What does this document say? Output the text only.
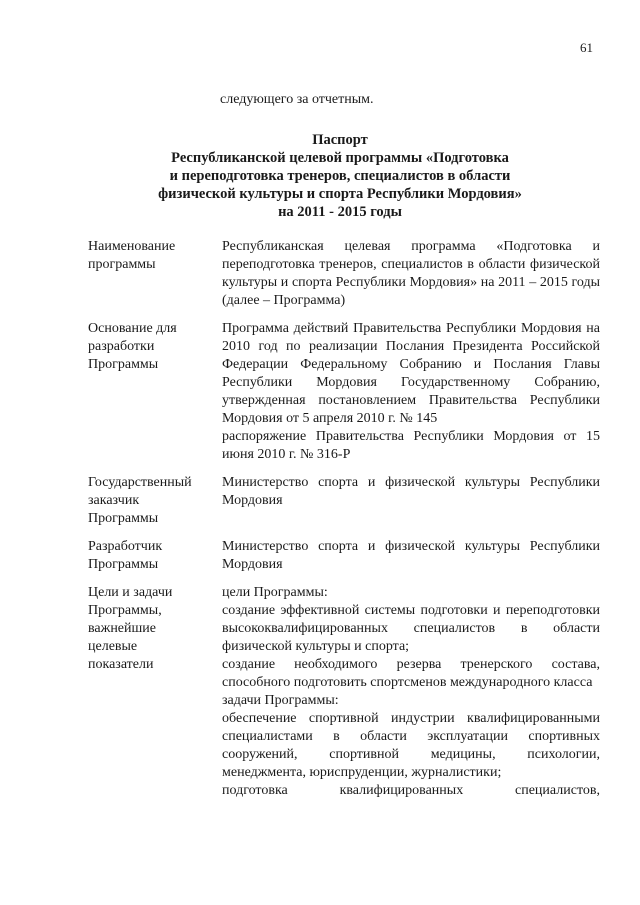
61
следующего за отчетным.
Паспорт
Республиканской целевой программы «Подготовка
и переподготовка тренеров, специалистов в области
физической культуры и спорта Республики Мордовия»
на 2011 - 2015 годы
Наименование
программы

Республиканская целевая программа «Подготовка и переподготовка тренеров, специалистов в области физической культуры и спорта Республики Мордовия» на 2011 – 2015 годы (далее – Программа)

Основание для
разработки
Программы

Программа действий Правительства Республики Мордовия на 2010 год по реализации Послания Президента Российской Федерации Федеральному Собранию и Послания Главы Республики Мордовия Государственному Собранию, утвержденная постановлением Правительства Республики Мордовия от 5 апреля 2010 г. № 145

распоряжение Правительства Республики Мордовия от 15 июня 2010 г. № 316-Р

Государственный
заказчик
Программы

Министерство спорта и физической культуры Республики Мордовия

Разработчик
Программы

Министерство спорта и физической культуры Республики Мордовия

Цели и задачи
Программы,
важнейшие
целевые
показатели

цели Программы:

создание эффективной системы подготовки и переподготовки высококвалифицированных специалистов в области физической культуры и спорта;

создание необходимого резерва тренерского состава, способного подготовить спортсменов международного класса

задачи Программы:

обеспечение спортивной индустрии квалифицированными специалистами в области эксплуатации спортивных сооружений, спортивной медицины, психологии, менеджмента, юриспруденции, журналистики;

подготовка квалифицированных специалистов,
